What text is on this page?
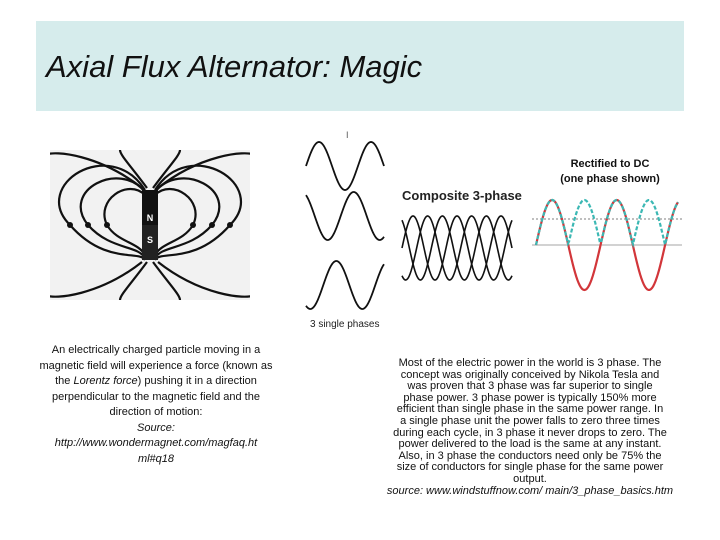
Axial Flux Alternator: Magic
N
S
I
3 single phases
Composite 3-phase
Rectified to DC
(one phase shown)
An electrically charged particle moving in a magnetic field will experience a force (known as the Lorentz force) pushing it in a direction perpendicular to the magnetic field and the direction of motion:
Source:
http://www.wondermagnet.com/magfaq.ht
ml#q18
Most of the electric power in the world is 3 phase. The
concept was originally conceived by Nikola Tesla and
was proven that 3 phase was far superior to single
phase power. 3 phase power is typically 150% more
efficient than single phase in the same power range. In
a single phase unit the power falls to zero three times
during each cycle, in 3 phase it never drops to zero. The
power delivered to the load is the same at any instant.
Also, in 3 phase the conductors need only be 75% the
size of conductors for single phase for the same power
output.
source: www.windstuffnow.com/ main/3_phase_basics.htm
